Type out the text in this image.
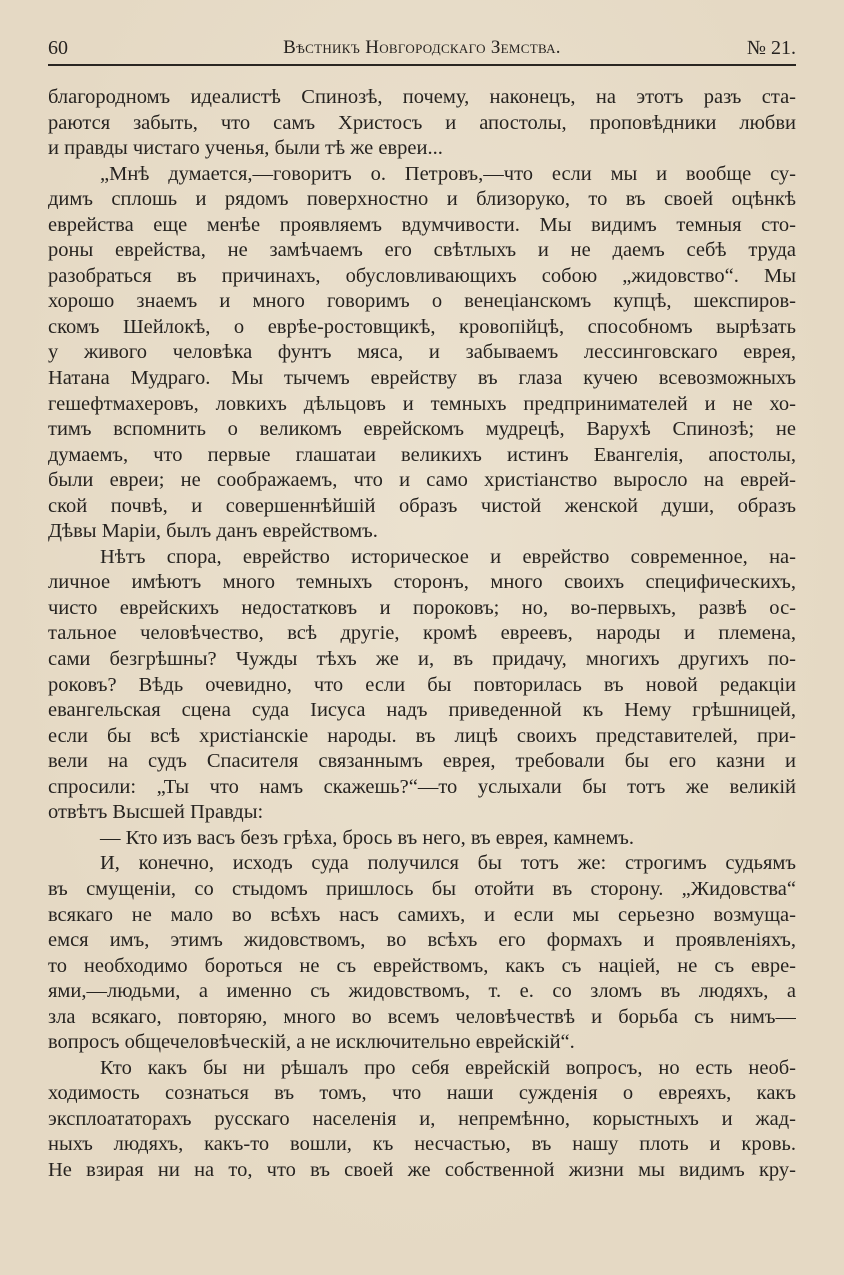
60	Вѣстникъ Новгородскаго Земства.	№ 21.
благородномъ идеалистѣ Спинозѣ, почему, наконецъ, на этотъ разъ ста-
раются забыть, что самъ Христосъ и апостолы, проповѣдники любви
и правды чистаго ученья, были тѣ же евреи...
„Мнѣ думается,—говоритъ о. Петровъ,—что если мы и вообще су-
димъ сплошь и рядомъ поверхностно и близоруко, то въ своей оцѣнкѣ
еврейства еще менѣе проявляемъ вдумчивости. Мы видимъ темныя сто-
роны еврейства, не замѣчаемъ его свѣтлыхъ и не даемъ себѣ труда
разобраться въ причинахъ, обусловливающихъ собою „жидовство“. Мы
хорошо знаемъ и много говоримъ о венеціанскомъ купцѣ, шекспиров-
скомъ Шейлокѣ, о еврѣе-ростовщикѣ, кровопійцѣ, способномъ вырѣзать
у живого человѣка фунтъ мяса, и забываемъ лессинговскаго еврея,
Натана Мудраго. Мы тычемъ еврейству въ глаза кучею всевозможныхъ
гешефтмахеровъ, ловкихъ дѣльцовъ и темныхъ предпринимателей и не хо-
тимъ вспомнить о великомъ еврейскомъ мудрецѣ, Варухѣ Спинозѣ; не
думаемъ, что первые глашатаи великихъ истинъ Евангелія, апостолы,
были евреи; не соображаемъ, что и само христіанство выросло на еврей-
ской почвѣ, и совершеннѣйшій образъ чистой женской души, образъ
Дѣвы Маріи, былъ данъ еврействомъ.
Нѣтъ спора, еврейство историческое и еврейство современное, на-
личное имѣютъ много темныхъ сторонъ, много своихъ специфическихъ,
чисто еврейскихъ недостатковъ и пороковъ; но, во-первыхъ, развѣ ос-
тальное человѣчество, всѣ другіе, кромѣ евреевъ, народы и племена,
сами безгрѣшны? Чужды тѣхъ же и, въ придачу, многихъ другихъ по-
роковъ? Вѣдь очевидно, что если бы повторилась въ новой редакціи
евангельская сцена суда Іисуса надъ приведенной къ Нему грѣшницей,
если бы всѣ христіанскіе народы. въ лицѣ своихъ представителей, при-
вели на судъ Спасителя связаннымъ еврея, требовали бы его казни и
спросили: „Ты что намъ скажешь?“—то услыхали бы тотъ же великій
отвѣтъ Высшей Правды:
— Кто изъ васъ безъ грѣха, брось въ него, въ еврея, камнемъ.
И, конечно, исходъ суда получился бы тотъ же: строгимъ судьямъ
въ смущеніи, со стыдомъ пришлось бы отойти въ сторону. „Жидовства“
всякаго не мало во всѣхъ насъ самихъ, и если мы серьезно возмуща-
емся имъ, этимъ жидовствомъ, во всѣхъ его формахъ и проявленіяхъ,
то необходимо бороться не съ еврействомъ, какъ съ націей, не съ евре-
ями,—людьми, а именно съ жидовствомъ, т. е. со зломъ въ людяхъ, а
зла всякаго, повторяю, много во всемъ человѣчествѣ и борьба съ нимъ—
вопросъ общечеловѣческій, а не исключительно еврейскій“.
Кто какъ бы ни рѣшалъ про себя еврейскій вопросъ, но есть необ-
ходимость сознаться въ томъ, что наши сужденія о евреяхъ, какъ
эксплоататорахъ русскаго населенія и, непремѣнно, корыстныхъ и жад-
ныхъ людяхъ, какъ-то вошли, къ несчастью, въ нашу плоть и кровь.
Не взирая ни на то, что въ своей же собственной жизни мы видимъ кру-
